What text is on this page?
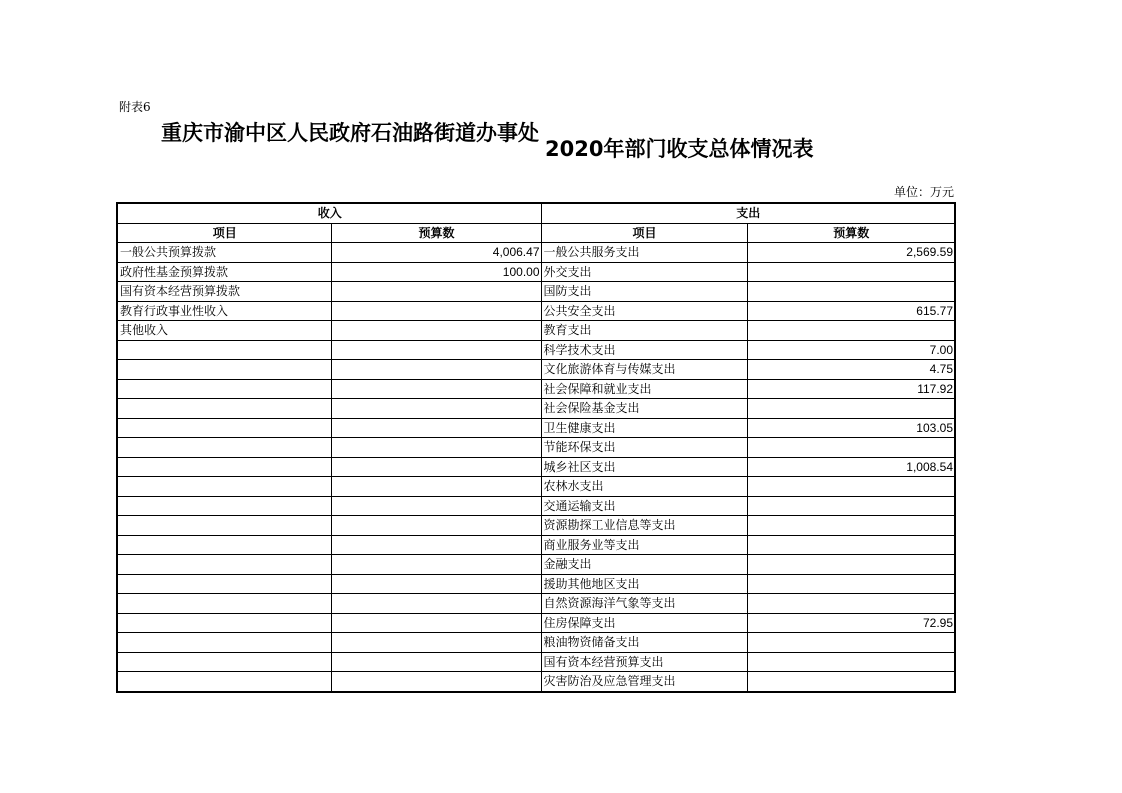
附表6
重庆市渝中区人民政府石油路街道办事处
2020年部门收支总体情况表
单位：万元
收入		支出	
项目	预算数	项目	预算数
一般公共预算拨款	4,006.47	一般公共服务支出	2,569.59
政府性基金预算拨款	100.00	外交支出	
国有资本经营预算拨款		国防支出	
教育行政事业性收入		公共安全支出	615.77
其他收入		教育支出	
		科学技术支出	7.00
		文化旅游体育与传媒支出	4.75
		社会保障和就业支出	117.92
		社会保险基金支出	
		卫生健康支出	103.05
		节能环保支出	
		城乡社区支出	1,008.54
		农林水支出	
		交通运输支出	
		资源勘探工业信息等支出	
		商业服务业等支出	
		金融支出	
		援助其他地区支出	
		自然资源海洋气象等支出	
		住房保障支出	72.95
		粮油物资储备支出	
		国有资本经营预算支出	
		灾害防治及应急管理支出	
